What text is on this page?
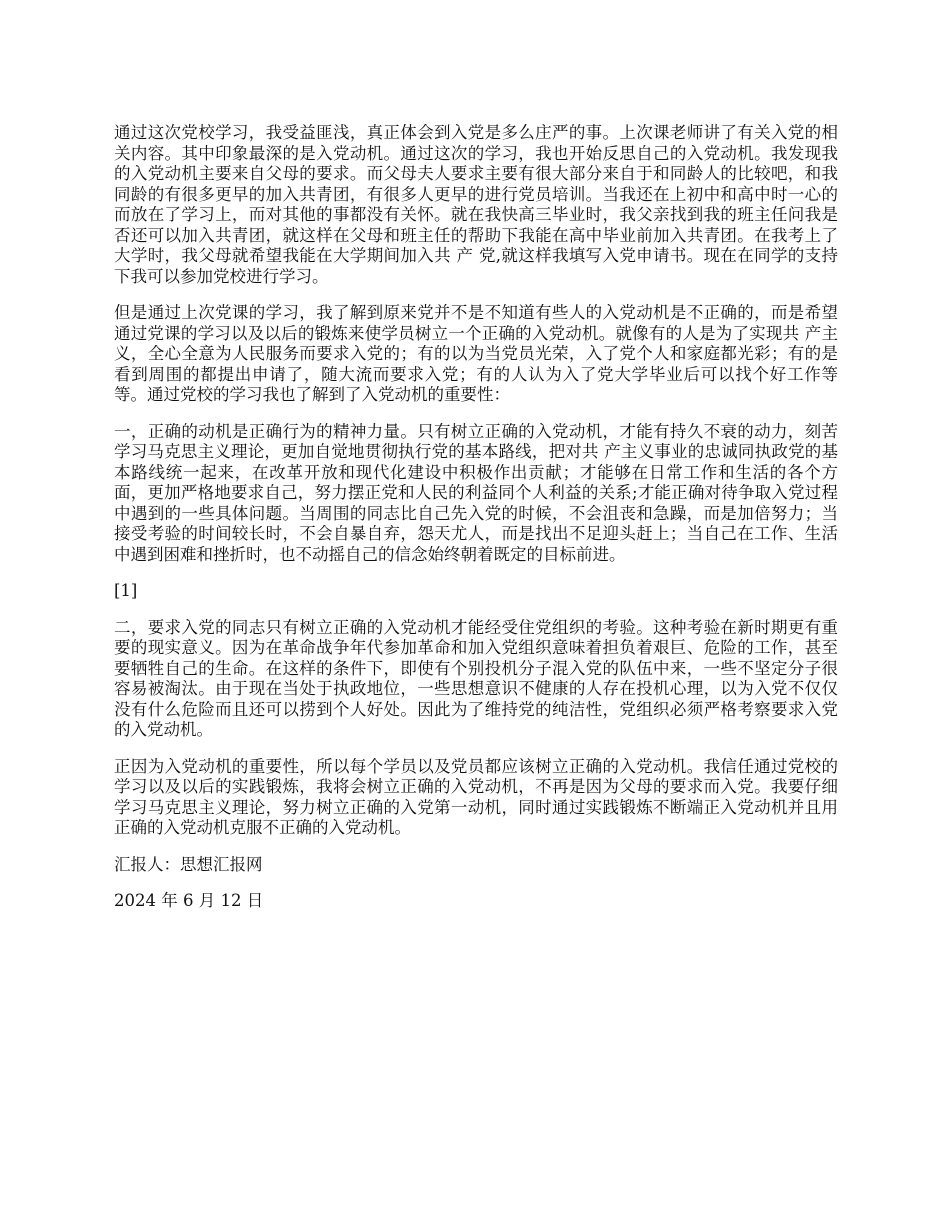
通过这次党校学习，我受益匪浅，真正体会到入党是多么庄严的事。上次课老师讲了有关入党的相关内容。其中印象最深的是入党动机。通过这次的学习，我也开始反思自己的入党动机。我发现我的入党动机主要来自父母的要求。而父母夫人要求主要有很大部分来自于和同龄人的比较吧，和我同龄的有很多更早的加入共青团，有很多人更早的进行党员培训。当我还在上初中和高中时一心的而放在了学习上，而对其他的事都没有关怀。就在我快高三毕业时，我父亲找到我的班主任问我是否还可以加入共青团，就这样在父母和班主任的帮助下我能在高中毕业前加入共青团。在我考上了大学时，我父母就希望我能在大学期间加入共 产 党,就这样我填写入党申请书。现在在同学的支持下我可以参加党校进行学习。

但是通过上次党课的学习，我了解到原来党并不是不知道有些人的入党动机是不正确的，而是希望通过党课的学习以及以后的锻炼来使学员树立一个正确的入党动机。就像有的人是为了实现共 产主义，全心全意为人民服务而要求入党的；有的以为当党员光荣，入了党个人和家庭都光彩；有的是看到周围的都提出申请了，随大流而要求入党；有的人认为入了党大学毕业后可以找个好工作等等。通过党校的学习我也了解到了入党动机的重要性：

一，正确的动机是正确行为的精神力量。只有树立正确的入党动机，才能有持久不衰的动力，刻苦学习马克思主义理论，更加自觉地贯彻执行党的基本路线，把对共 产主义事业的忠诚同执政党的基本路线统一起来，在改革开放和现代化建设中积极作出贡献；才能够在日常工作和生活的各个方面，更加严格地要求自己，努力摆正党和人民的利益同个人利益的关系;才能正确对待争取入党过程中遇到的一些具体问题。当周围的同志比自己先入党的时候，不会沮丧和急躁，而是加倍努力；当接受考验的时间较长时，不会自暴自弃，怨天尤人，而是找出不足迎头赶上；当自己在工作、生活中遇到困难和挫折时，也不动摇自己的信念始终朝着既定的目标前进。

[1]

二，要求入党的同志只有树立正确的入党动机才能经受住党组织的考验。这种考验在新时期更有重要的现实意义。因为在革命战争年代参加革命和加入党组织意味着担负着艰巨、危险的工作，甚至要牺牲自己的生命。在这样的条件下，即使有个别投机分子混入党的队伍中来，一些不坚定分子很容易被淘汰。由于现在当处于执政地位，一些思想意识不健康的人存在投机心理，以为入党不仅仅没有什么危险而且还可以捞到个人好处。因此为了维持党的纯洁性，党组织必须严格考察要求入党的入党动机。

正因为入党动机的重要性，所以每个学员以及党员都应该树立正确的入党动机。我信任通过党校的学习以及以后的实践锻炼，我将会树立正确的入党动机，不再是因为父母的要求而入党。我要仔细学习马克思主义理论，努力树立正确的入党第一动机，同时通过实践锻炼不断端正入党动机并且用正确的入党动机克服不正确的入党动机。

汇报人：思想汇报网

2024 年 6 月 12 日
